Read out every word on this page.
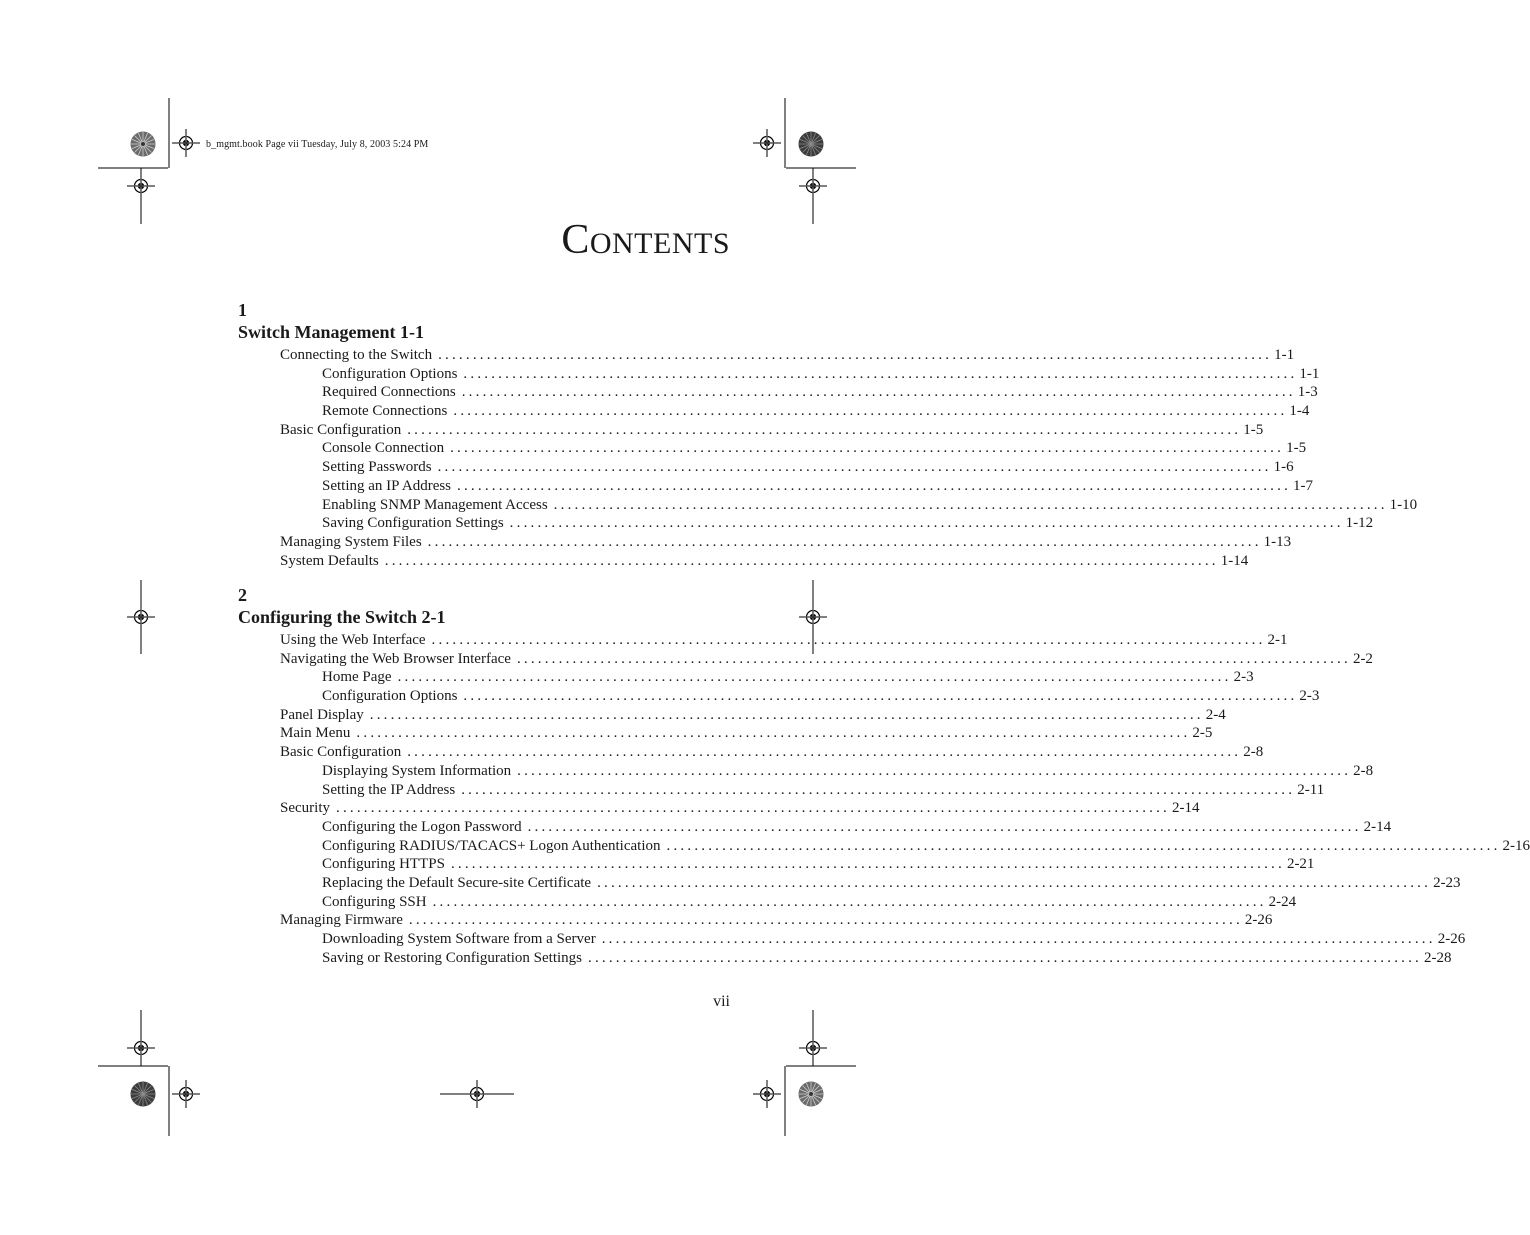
b_mgmt.book Page vii Tuesday, July 8, 2003 5:24 PM
CONTENTS
1
Switch Management 1-1
Connecting to the Switch ........................................................................................................................ 1-1
Configuration Options ........................................................................................................................ 1-1
Required Connections ........................................................................................................................ 1-3
Remote Connections ........................................................................................................................ 1-4
Basic Configuration ........................................................................................................................ 1-5
Console Connection ........................................................................................................................ 1-5
Setting Passwords ........................................................................................................................ 1-6
Setting an IP Address ........................................................................................................................ 1-7
Enabling SNMP Management Access ........................................................................................................................ 1-10
Saving Configuration Settings ........................................................................................................................ 1-12
Managing System Files ........................................................................................................................ 1-13
System Defaults ........................................................................................................................ 1-14
2
Configuring the Switch 2-1
Using the Web Interface ........................................................................................................................ 2-1
Navigating the Web Browser Interface ........................................................................................................................ 2-2
Home Page ........................................................................................................................ 2-3
Configuration Options ........................................................................................................................ 2-3
Panel Display ........................................................................................................................ 2-4
Main Menu ........................................................................................................................ 2-5
Basic Configuration ........................................................................................................................ 2-8
Displaying System Information ........................................................................................................................ 2-8
Setting the IP Address ........................................................................................................................ 2-11
Security ........................................................................................................................ 2-14
Configuring the Logon Password ........................................................................................................................ 2-14
Configuring RADIUS/TACACS+ Logon Authentication ........................................................................................................................ 2-16
Configuring HTTPS ........................................................................................................................ 2-21
Replacing the Default Secure-site Certificate ........................................................................................................................ 2-23
Configuring SSH ........................................................................................................................ 2-24
Managing Firmware ........................................................................................................................ 2-26
Downloading System Software from a Server ........................................................................................................................ 2-26
Saving or Restoring Configuration Settings ........................................................................................................................ 2-28
vii
